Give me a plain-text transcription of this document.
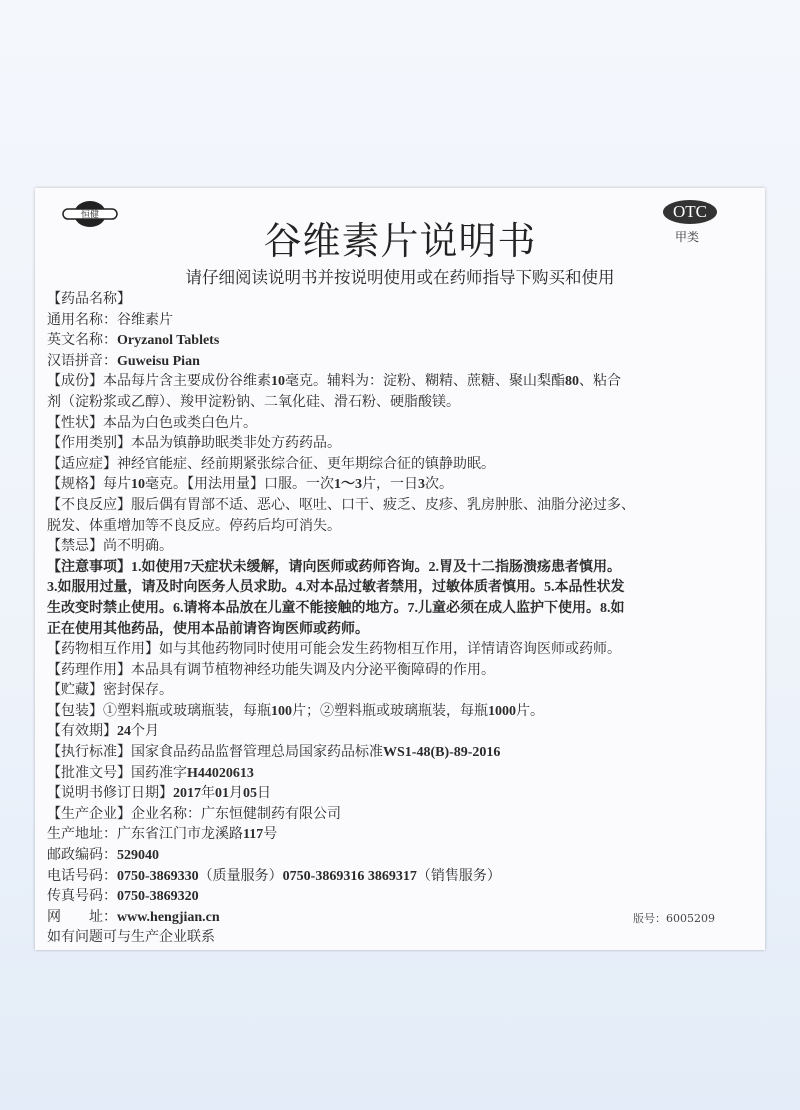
恒健
谷维素片说明书
OTC
甲类
请仔细阅读说明书并按说明使用或在药师指导下购买和使用
【药品名称】
通用名称：谷维素片
英文名称：Oryzanol Tablets
汉语拼音：Guweisu Pian
【成份】本品每片含主要成份谷维素10毫克。辅料为：淀粉、糊精、蔗糖、聚山梨酯80、粘合
剂（淀粉浆或乙醇）、羧甲淀粉钠、二氧化硅、滑石粉、硬脂酸镁。
【性状】本品为白色或类白色片。
【作用类别】本品为镇静助眠类非处方药药品。
【适应症】神经官能症、经前期紧张综合征、更年期综合征的镇静助眠。
【规格】每片10毫克。【用法用量】口服。一次1～3片，一日3次。
【不良反应】服后偶有胃部不适、恶心、呕吐、口干、疲乏、皮疹、乳房肿胀、油脂分泌过多、
脱发、体重增加等不良反应。停药后均可消失。
【禁忌】尚不明确。
【注意事项】1.如使用7天症状未缓解，请向医师或药师咨询。2.胃及十二指肠溃疡患者慎用。
3.如服用过量，请及时向医务人员求助。4.对本品过敏者禁用，过敏体质者慎用。5.本品性状发
生改变时禁止使用。6.请将本品放在儿童不能接触的地方。7.儿童必须在成人监护下使用。8.如
正在使用其他药品，使用本品前请咨询医师或药师。
【药物相互作用】如与其他药物同时使用可能会发生药物相互作用，详情请咨询医师或药师。
【药理作用】本品具有调节植物神经功能失调及内分泌平衡障碍的作用。
【贮藏】密封保存。
【包装】①塑料瓶或玻璃瓶装，每瓶100片；②塑料瓶或玻璃瓶装，每瓶1000片。
【有效期】24个月
【执行标准】国家食品药品监督管理总局国家药品标准WS1-48(B)-89-2016
【批准文号】国药准字H44020613
【说明书修订日期】2017年01月05日
【生产企业】企业名称：广东恒健制药有限公司
生产地址：广东省江门市龙溪路117号
邮政编码：529040
电话号码：0750-3869330（质量服务）0750-3869316 3869317（销售服务）
传真号码：0750-3869320
网　　址：www.hengjian.cn
如有问题可与生产企业联系
版号：6005209
